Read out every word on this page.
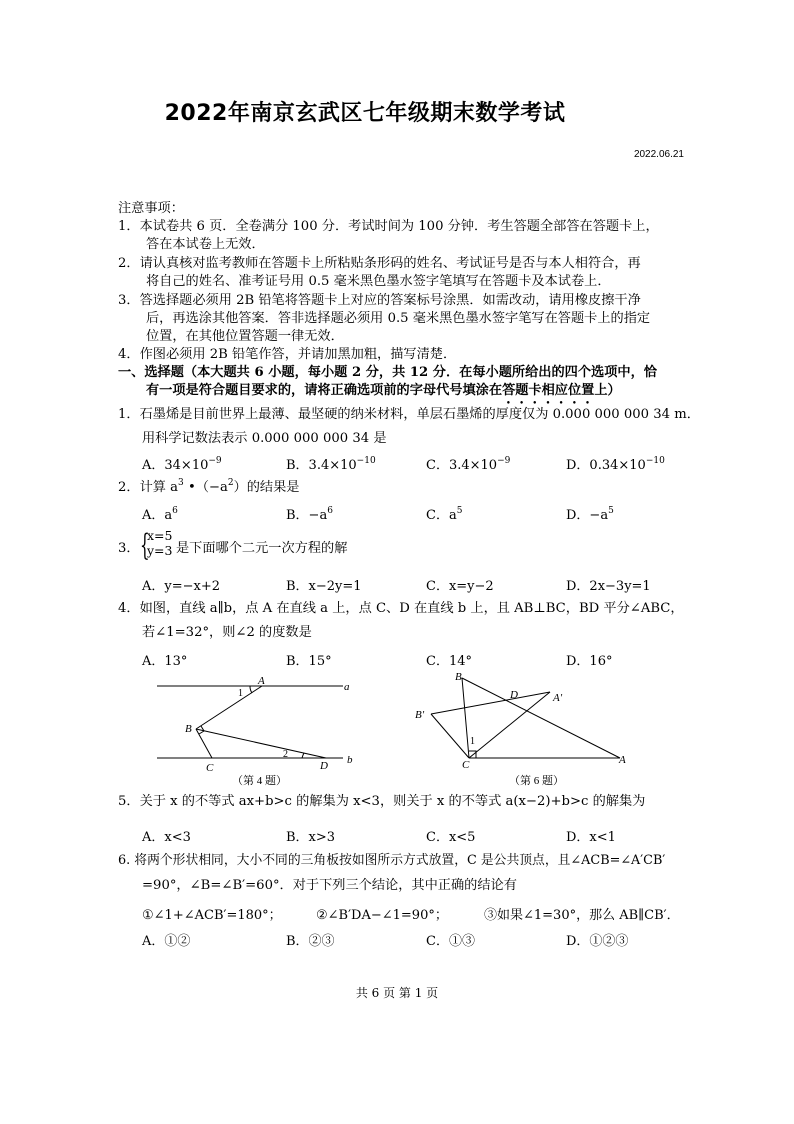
2022年南京玄武区七年级期末数学考试
2022.06.21
注意事项：
1．本试卷共 6 页．全卷满分 100 分．考试时间为 100 分钟．考生答题全部答在答题卡上，
答在本试卷上无效．
2．请认真核对监考教师在答题卡上所粘贴条形码的姓名、考试证号是否与本人相符合，再
将自己的姓名、准考证号用 0.5 毫米黑色墨水签字笔填写在答题卡及本试卷上．
3．答选择题必须用 2B 铅笔将答题卡上对应的答案标号涂黑．如需改动，请用橡皮擦干净
后，再选涂其他答案．答非选择题必须用 0.5 毫米黑色墨水签字笔写在答题卡上的指定
位置，在其他位置答题一律无效．
4．作图必须用 2B 铅笔作答，并请加黑加粗，描写清楚．
一、选择题（本大题共 6 小题，每小题 2 分，共 12 分．在每小题所给出的四个选项中，恰
有一项是符合题目要求的，请将正确选项前的字母代号填涂在答题卡相应位置上）
1．石墨烯是目前世界上最薄、最坚硬的纳米材料，单层石墨烯的厚度仅为 0.000 000 000 34 m．
用科学记数法表示 0.000 000 000 34 是
A．$34\times 10^{-9}$	B．$3.4\times 10^{-10}$	C．$3.4\times 10^{-9}$	D．$0.34\times 10^{-10}$
2．计算 $a^3$ $•(-a^2)$的结果是
A．$a^6$	B．$-a^6$	C．$a^5$	D．$-a^5$
3． {
x=5
y=3 是下面哪个二元一次方程的解
A．y=−x+2	B．x−2y=1	C．x=y−2	D．2x−3y=1
4．如图，直线 a∥b，点 A 在直线 a 上，点 C、D 在直线 b 上，且 AB⊥BC，BD 平分∠ABC，
若∠1=32°，则∠2 的度数是
A．13°	B．15°	C．14°	D．16°
A	a
B
C	D b
1
2
（第 4 题）
B
D	A′
B′
C	A
1
（第 6 题）
5．关于 x 的不等式 ax+b>c 的解集为 x<3，则关于 x 的不等式 a(x−2)+b>c 的解集为
A．x<3	B．x>3	C．x<5	D．x<1
6. 将两个形状相同，大小不同的三角板按如图所示方式放置，C 是公共顶点，且∠ACB=∠A′CB′
=90°，∠B=∠B′=60°．对于下列三个结论，其中正确的结论有
①∠1+∠ACB′=180°；	②∠B′DA−∠1=90°；	③如果∠1=30°，那么 AB∥CB′．
A．①②	B．②③	C．①③	D．①②③
共 6 页 第 1 页
